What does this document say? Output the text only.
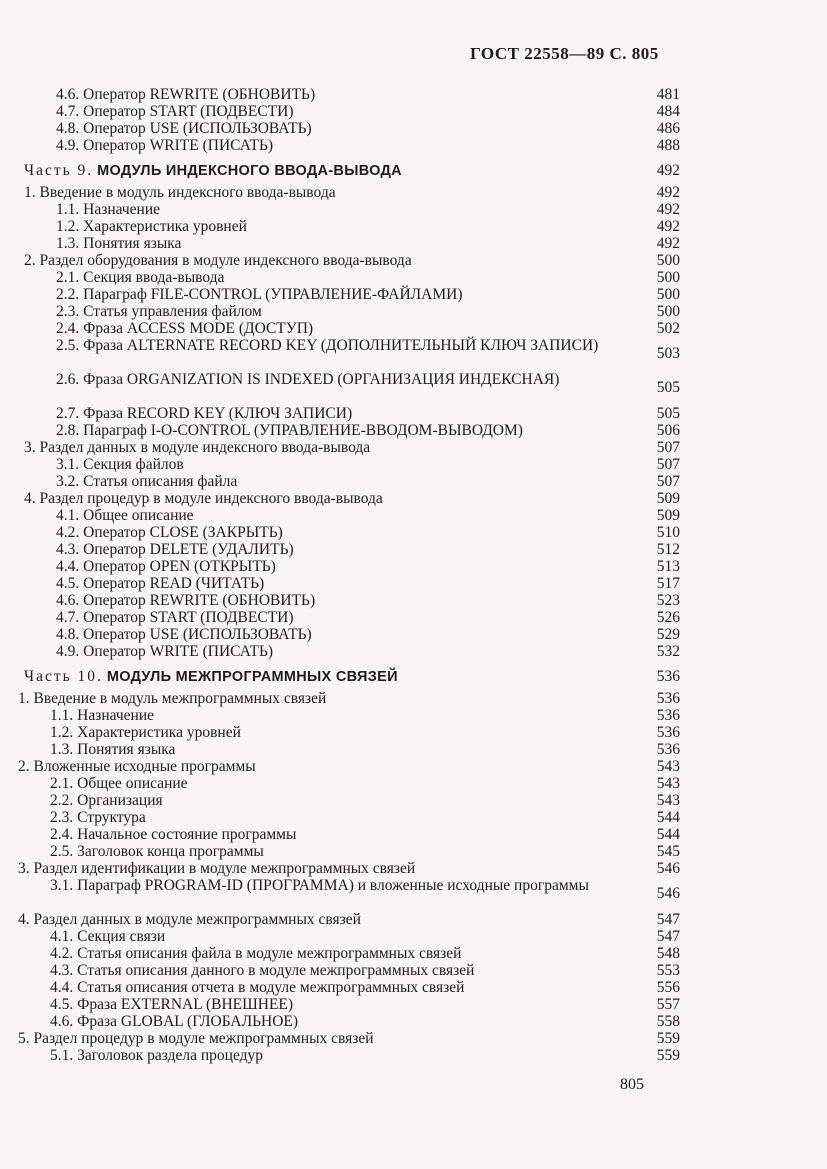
ГОСТ 22558—89 С. 805
4.6. Оператор REWRITE (ОБНОВИТЬ)	481
4.7. Оператор START (ПОДВЕСТИ)	484
4.8. Оператор USE (ИСПОЛЬЗОВАТЬ)	486
4.9. Оператор WRITE (ПИСАТЬ)	488
Часть 9. МОДУЛЬ ИНДЕКСНОГО ВВОДА-ВЫВОДА	492
1. Введение в модуль индексного ввода-вывода	492
1.1. Назначение	492
1.2. Характеристика уровней	492
1.3. Понятия языка	492
2. Раздел оборудования в модуле индексного ввода-вывода	500
2.1. Секция ввода-вывода	500
2.2. Параграф FILE-CONTROL (УПРАВЛЕНИЕ-ФАЙЛАМИ)	500
2.3. Статья управления файлом	500
2.4. Фраза ACCESS MODE (ДОСТУП)	502
2.5. Фраза ALTERNATE RECORD KEY (ДОПОЛНИТЕЛЬНЫЙ КЛЮЧ ЗАПИСИ)	503
2.6. Фраза ORGANIZATION IS INDEXED (ОРГАНИЗАЦИЯ ИНДЕКСНАЯ)	505
2.7. Фраза RECORD KEY (КЛЮЧ ЗАПИСИ)	505
2.8. Параграф I-O-CONTROL (УПРАВЛЕНИЕ-ВВОДОМ-ВЫВОДОМ)	506
3. Раздел данных в модуле индексного ввода-вывода	507
3.1. Секция файлов	507
3.2. Статья описания файла	507
4. Раздел процедур в модуле индексного ввода-вывода	509
4.1. Общее описание	509
4.2. Оператор CLOSE (ЗАКРЫТЬ)	510
4.3. Оператор DELETE (УДАЛИТЬ)	512
4.4. Оператор OPEN (ОТКРЫТЬ)	513
4.5. Оператор READ (ЧИТАТЬ)	517
4.6. Оператор REWRITE (ОБНОВИТЬ)	523
4.7. Оператор START (ПОДВЕСТИ)	526
4.8. Оператор USE (ИСПОЛЬЗОВАТЬ)	529
4.9. Оператор WRITE (ПИСАТЬ)	532
Часть 10. МОДУЛЬ МЕЖПРОГРАММНЫХ СВЯЗЕЙ	536
1. Введение в модуль межпрограммных связей	536
1.1. Назначение	536
1.2. Характеристика уровней	536
1.3. Понятия языка	536
2. Вложенные исходные программы	543
2.1. Общее описание	543
2.2. Организация	543
2.3. Структура	544
2.4. Начальное состояние программы	544
2.5. Заголовок конца программы	545
3. Раздел идентификации в модуле межпрограммных связей	546
3.1. Параграф PROGRAM-ID (ПРОГРАММА) и вложенные исходные программы	546
4. Раздел данных в модуле межпрограммных связей	547
4.1. Секция связи	547
4.2. Статья описания файла в модуле межпрограммных связей	548
4.3. Статья описания данного в модуле межпрограммных связей	553
4.4. Статья описания отчета в модуле межпрограммных связей	556
4.5. Фраза EXTERNAL (ВНЕШНЕЕ)	557
4.6. Фраза GLOBAL (ГЛОБАЛЬНОЕ)	558
5. Раздел процедур в модуле межпрограммных связей	559
5.1. Заголовок раздела процедур	559
805
